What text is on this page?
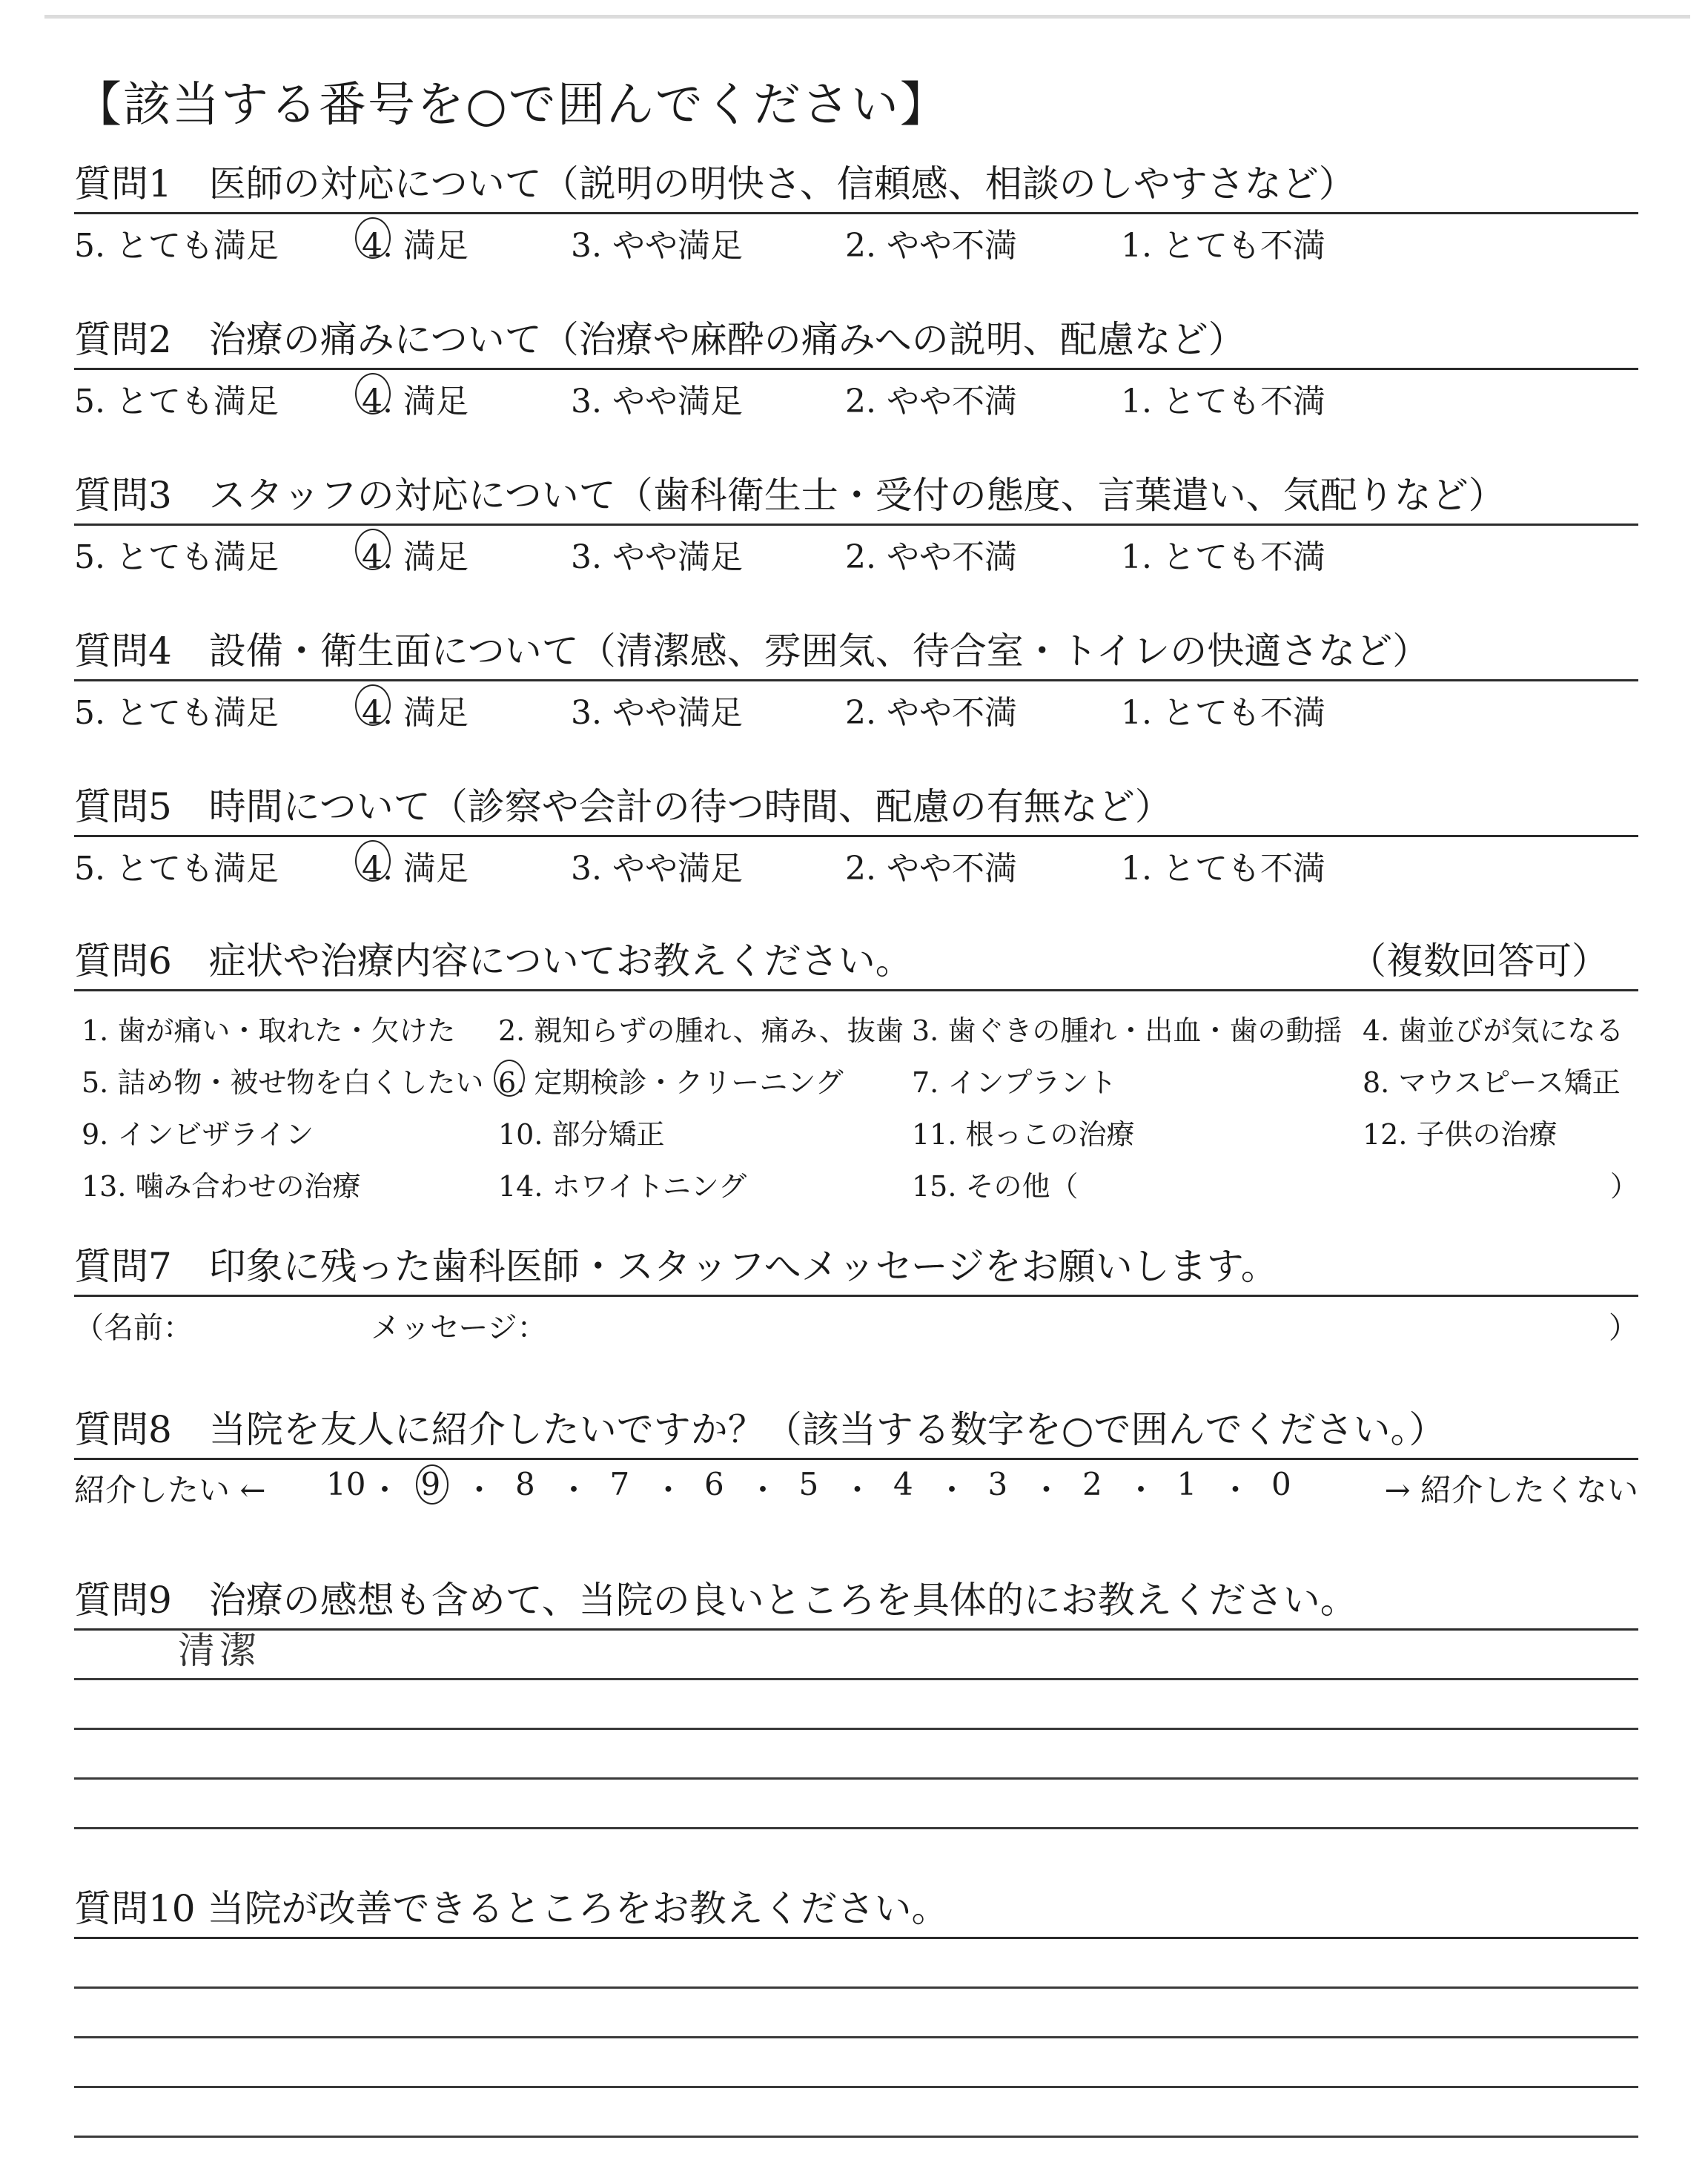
【該当する番号を○で囲んでください】
質問1　医師の対応について（説明の明快さ、信頼感、相談のしやすさなど）
5. とても満足	4. 満足	3. やや満足	2. やや不満	1. とても不満
質問2　治療の痛みについて（治療や麻酔の痛みへの説明、配慮など）
5. とても満足	4. 満足	3. やや満足	2. やや不満	1. とても不満
質問3　スタッフの対応について（歯科衛生士・受付の態度、言葉遣い、気配りなど）
5. とても満足	4. 満足	3. やや満足	2. やや不満	1. とても不満
質問4　設備・衛生面について（清潔感、雰囲気、待合室・トイレの快適さなど）
5. とても満足	4. 満足	3. やや満足	2. やや不満	1. とても不満
質問5　時間について（診察や会計の待つ時間、配慮の有無など）
5. とても満足	4. 満足	3. やや満足	2. やや不満	1. とても不満
質問6　症状や治療内容についてお教えください。	（複数回答可）
1. 歯が痛い・取れた・欠けた 2. 親知らずの腫れ、痛み、抜歯 3. 歯ぐきの腫れ・出血・歯の動揺 4. 歯並びが気になる
5. 詰め物・被せ物を白くしたい 6. 定期検診・クリーニング 7. インプラント	8. マウスピース矯正
9. インビザライン	10. 部分矯正	11. 根っこの治療	12. 子供の治療
13. 噛み合わせの治療	14. ホワイトニング	15. その他（	）
質問7　印象に残った歯科医師・スタッフへメッセージをお願いします。
（名前：	メッセージ：	）
質問8　当院を友人に紹介したいですか？（該当する数字を○で囲んでください。）
紹介したい ← 10 ・ 9 ・ 8 ・ 7 ・ 6 ・ 5 ・ 4 ・ 3 ・ 2 ・ 1 ・ 0	→ 紹介したくない
質問9　治療の感想も含めて、当院の良いところを具体的にお教えください。
清潔
質問10 当院が改善できるところをお教えください。
